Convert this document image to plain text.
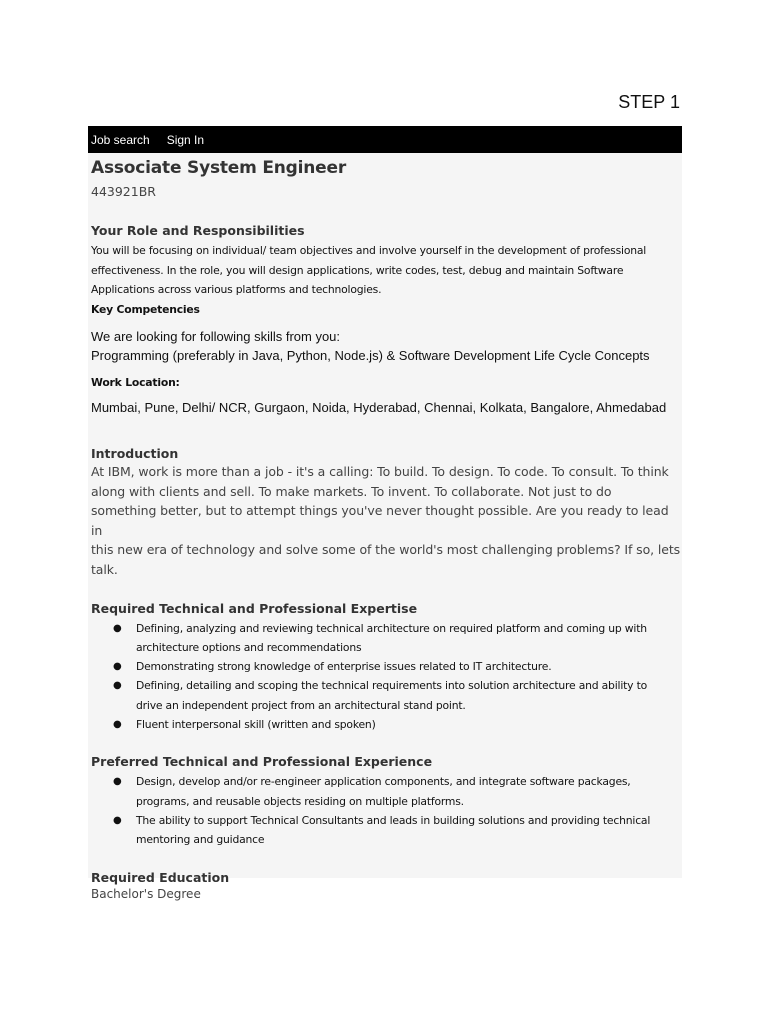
STEP 1
Job search Sign In
Associate System Engineer
443921BR
Your Role and Responsibilities
You will be focusing on individual/ team objectives and involve yourself in the development of professional
effectiveness. In the role, you will design applications, write codes, test, debug and maintain Software
Applications across various platforms and technologies.
Key Competencies
We are looking for following skills from you:
Programming (preferably in Java, Python, Node.js) & Software Development Life Cycle Concepts
Work Location:
Mumbai, Pune, Delhi/ NCR, Gurgaon, Noida, Hyderabad, Chennai, Kolkata, Bangalore, Ahmedabad
Introduction
At IBM, work is more than a job - it's a calling: To build. To design. To code. To consult. To think
along with clients and sell. To make markets. To invent. To collaborate. Not just to do
something better, but to attempt things you've never thought possible. Are you ready to lead in
this new era of technology and solve some of the world's most challenging problems? If so, lets
talk.
Required Technical and Professional Expertise
● Defining, analyzing and reviewing technical architecture on required platform and coming up with
architecture options and recommendations
● Demonstrating strong knowledge of enterprise issues related to IT architecture.
● Defining, detailing and scoping the technical requirements into solution architecture and ability to
drive an independent project from an architectural stand point.
● Fluent interpersonal skill (written and spoken)
Preferred Technical and Professional Experience
● Design, develop and/or re-engineer application components, and integrate software packages,
programs, and reusable objects residing on multiple platforms.
● The ability to support Technical Consultants and leads in building solutions and providing technical
mentoring and guidance
Required Education
Bachelor's Degree
